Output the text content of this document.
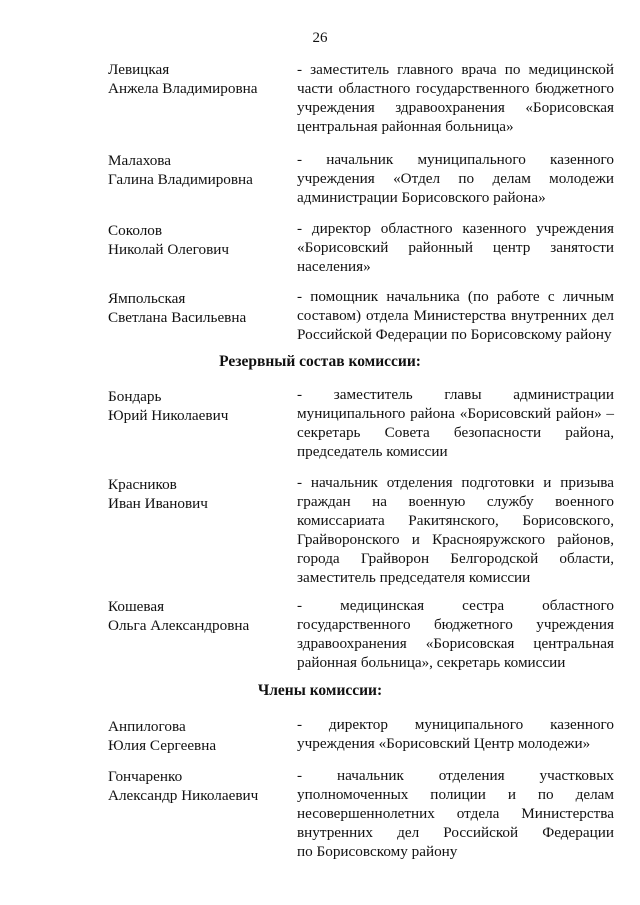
26
Левицкая
Анжела Владимировна
- заместитель главного врача по медицинской
части областного государственного бюджетного
учреждения здравоохранения «Борисовская
центральная районная больница»
Малахова
Галина Владимировна
- начальник муниципального казенного
учреждения «Отдел по делам молодежи
администрации Борисовского района»
Соколов
Николай Олегович
- директор областного казенного учреждения
«Борисовский районный центр занятости
населения»
Ямпольская
Светлана Васильевна
- помощник начальника (по работе с личным
составом) отдела Министерства внутренних дел
Российской Федерации по Борисовскому району
Резервный состав комиссии:
Бондарь
Юрий Николаевич
- заместитель главы администрации
муниципального района «Борисовский район» –
секретарь Совета безопасности района,
председатель комиссии
Красников
Иван Иванович
- начальник отделения подготовки и призыва
граждан на военную службу военного
комиссариата Ракитянского, Борисовского,
Грайворонского и Краснояружского районов,
города Грайворон Белгородской области,
заместитель председателя комиссии
Кошевая
Ольга Александровна
- медицинская сестра областного
государственного бюджетного учреждения
здравоохранения «Борисовская центральная
районная больница», секретарь комиссии
Члены комиссии:
Анпилогова
Юлия Сергеевна
- директор муниципального казенного
учреждения «Борисовский Центр молодежи»
Гончаренко
Александр Николаевич
- начальник отделения участковых
уполномоченных полиции и по делам
несовершеннолетних отдела Министерства
внутренних дел Российской Федерации
по Борисовскому району
